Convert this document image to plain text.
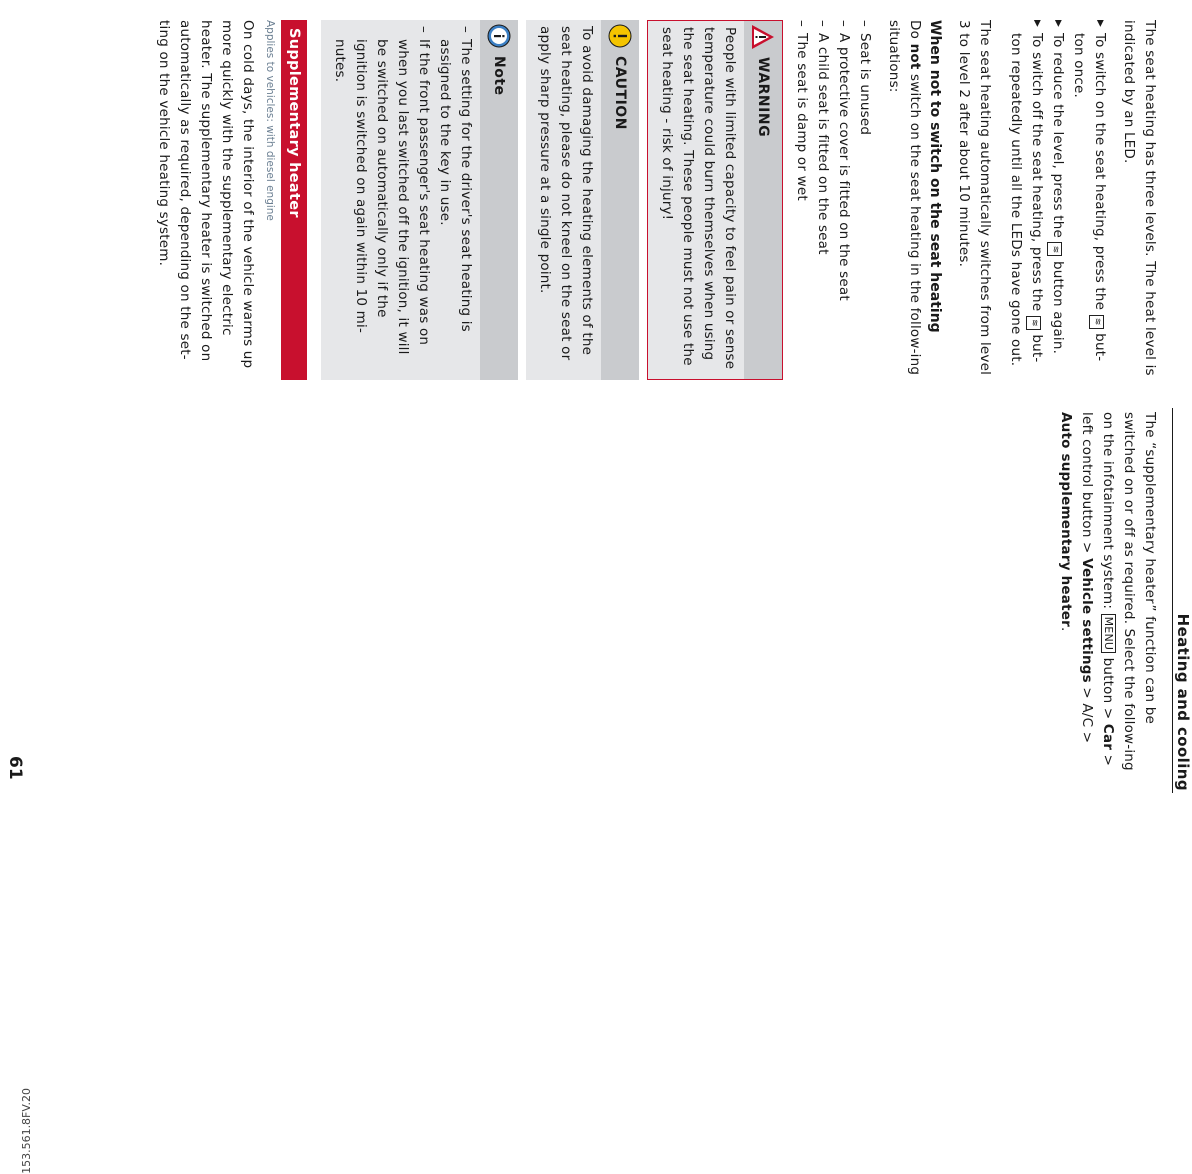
153.561.8FV.20
Heating and cooling
61

The seat heating has three levels. The heat level is indicated by an LED.

▶ To switch on the seat heating, press the ≋ but-ton once.
▶ To reduce the level, press the ≋ button again.
▶ To switch off the seat heating, press the ≋ but-ton repeatedly until all the LEDs have gone out.

The seat heating automatically switches from level 3 to level 2 after about 10 minutes.

When not to switch on the seat heating

Do not switch on the seat heating in the follow-ing situations:

– Seat is unused
– A protective cover is fitted on the seat
– A child seat is fitted on the seat
– The seat is damp or wet
WARNING
People with limited capacity to feel pain or sense temperature could burn themselves when using the seat heating. These people must not use the seat heating - risk of injury!
CAUTION
To avoid damaging the heating elements of the seat heating, please do not kneel on the seat or apply sharp pressure at a single point.
Note
– The setting for the driver's seat heating is assigned to the key in use.
– If the front passenger's seat heating was on when you last switched off the ignition, it will be switched on automatically only if the ignition is switched on again within 10 mi-nutes.
Supplementary heater
Applies to vehicles: with diesel engine

On cold days, the interior of the vehicle warms up more quickly with the supplementary electric heater. The supplementary heater is switched on automatically as required, depending on the set-ting on the vehicle heating system.

The “supplementary heater” function can be switched on or off as required. Select the follow-ing on the infotainment system: MENU button > Car > left control button > Vehicle settings > A/C > Auto supplementary heater.
